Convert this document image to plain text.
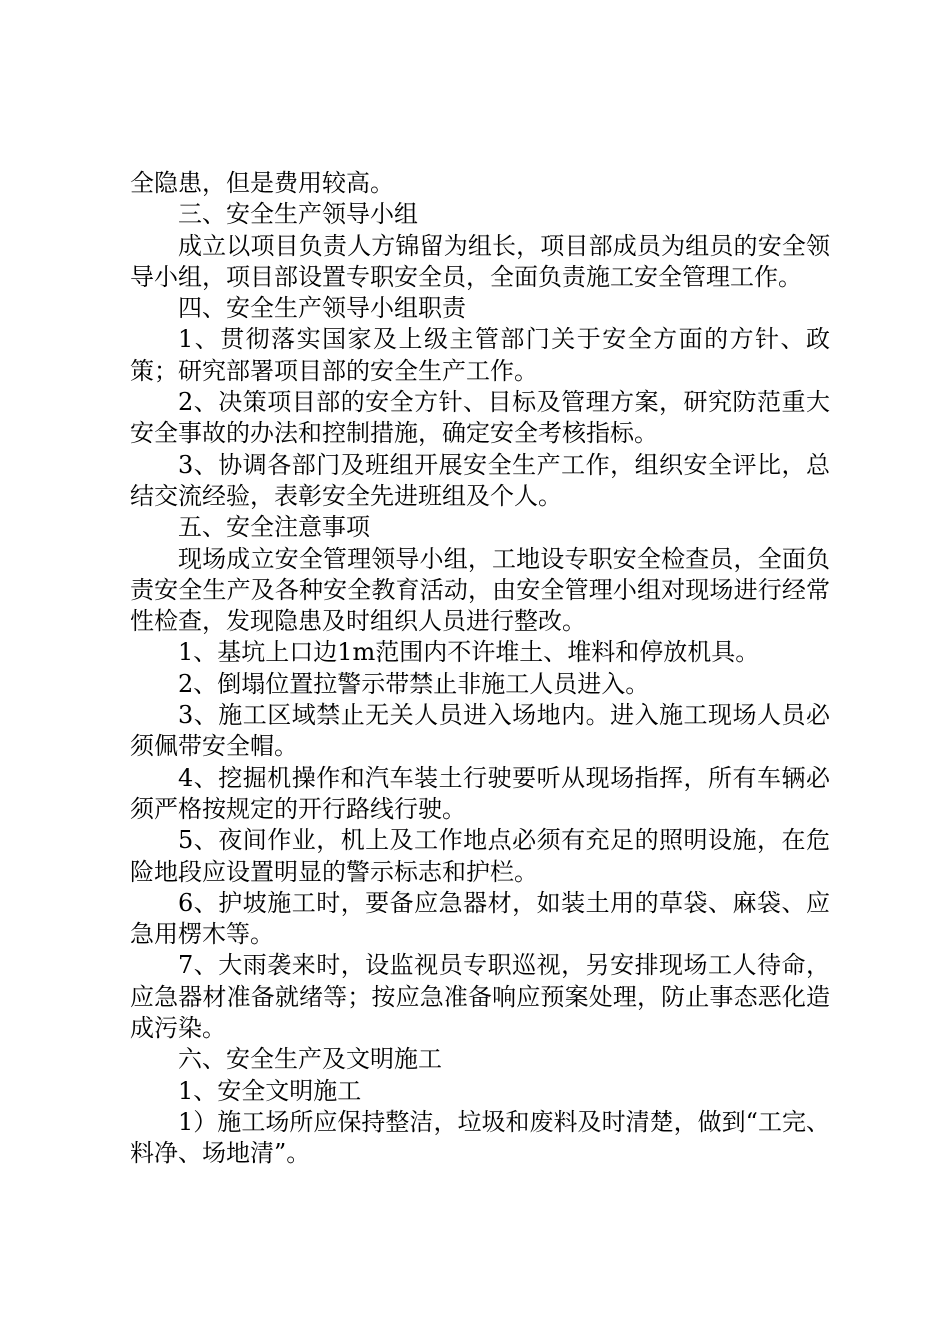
全隐患，但是费用较高。

三、安全生产领导小组

成立以项目负责人方锦留为组长，项目部成员为组员的安全领导小组，项目部设置专职安全员，全面负责施工安全管理工作。

四、安全生产领导小组职责

1、贯彻落实国家及上级主管部门关于安全方面的方针、政策；研究部署项目部的安全生产工作。

2、决策项目部的安全方针、目标及管理方案，研究防范重大安全事故的办法和控制措施，确定安全考核指标。

3、协调各部门及班组开展安全生产工作，组织安全评比，总结交流经验，表彰安全先进班组及个人。

五、安全注意事项

现场成立安全管理领导小组，工地设专职安全检查员，全面负责安全生产及各种安全教育活动，由安全管理小组对现场进行经常性检查，发现隐患及时组织人员进行整改。

1、基坑上口边1m范围内不许堆土、堆料和停放机具。

2、倒塌位置拉警示带禁止非施工人员进入。

3、施工区域禁止无关人员进入场地内。进入施工现场人员必须佩带安全帽。

4、挖掘机操作和汽车装土行驶要听从现场指挥，所有车辆必须严格按规定的开行路线行驶。

5、夜间作业，机上及工作地点必须有充足的照明设施，在危险地段应设置明显的警示标志和护栏。

6、护坡施工时，要备应急器材，如装土用的草袋、麻袋、应急用楞木等。

7、大雨袭来时，设监视员专职巡视，另安排现场工人待命，应急器材准备就绪等；按应急准备响应预案处理，防止事态恶化造成污染。

六、安全生产及文明施工

1、安全文明施工

1）施工场所应保持整洁，垃圾和废料及时清楚，做到“工完、料净、场地清”。
